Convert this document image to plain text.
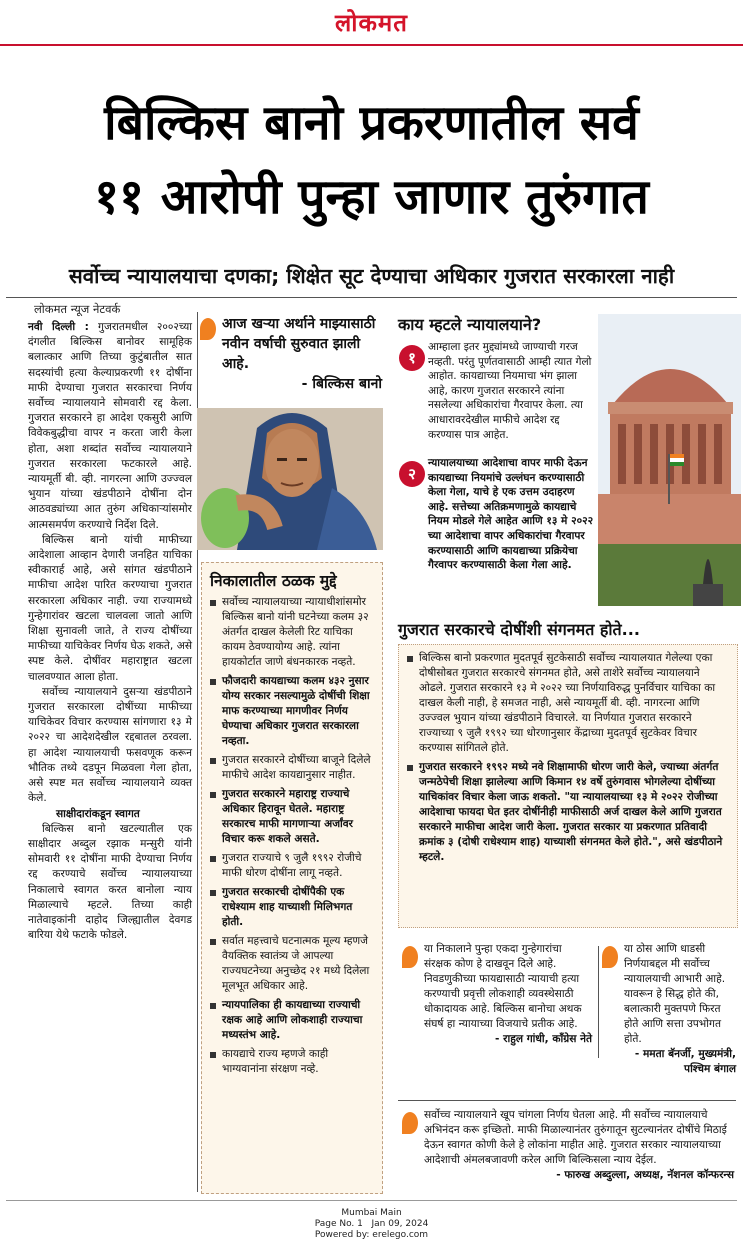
लोकमत
बिल्किस बानो प्रकरणातील सर्व
११ आरोपी पुन्हा जाणार तुरुंगात
सर्वोच्च न्यायालयाचा दणका; शिक्षेत सूट देण्याचा अधिकार गुजरात सरकारला नाही
लोकमत न्यूज नेटवर्क

नवी दिल्ली : गुजरातमधील २००२च्या दंगलीत बिल्किस बानोवर सामूहिक बलात्कार आणि तिच्या कुटुंबातील सात सदस्यांची हत्या केल्याप्रकरणी ११ दोषींना माफी देण्याचा गुजरात सरकारचा निर्णय सर्वोच्च न्यायालयाने सोमवारी रद्द केला. गुजरात सरकारने हा आदेश एकसुरी आणि विवेकबुद्धीचा वापर न करता जारी केला होता, अशा शब्दांत सर्वोच्च न्यायालयाने गुजरात सरकारला फटकारले आहे. न्यायमूर्ती बी. व्ही. नागरत्ना आणि उज्ज्वल भुयान यांच्या खंडपीठाने दोषींना दोन आठवड्यांच्या आत तुरुंग अधिकाऱ्यांसमोर आत्मसमर्पण करण्याचे निर्देश दिले.

बिल्किस बानो यांची माफीच्या आदेशाला आव्हान देणारी जनहित याचिका स्वीकारार्ह आहे, असे सांगत खंडपीठाने माफीचा आदेश पारित करण्याचा गुजरात सरकारला अधिकार नाही. ज्या राज्यामध्ये गुन्हेगारांवर खटला चालवला जातो आणि शिक्षा सुनावली जाते, ते राज्य दोषींच्या माफीच्या याचिकेवर निर्णय घेऊ शकते, असे स्पष्ट केले. दोषींवर महाराष्ट्रात खटला चालवण्यात आला होता.

सर्वोच्च न्यायालयाने दुसऱ्या खंडपीठाने गुजरात सरकारला दोषींच्या माफीच्या याचिकेवर विचार करण्यास सांगणारा १३ मे २०२२ चा आदेशदेखील रद्दबातल ठरवला. हा आदेश न्यायालयाची फसवणूक करून भौतिक तथ्ये दडपून मिळवला गेला होता, असे स्पष्ट मत सर्वोच्च न्यायालयाने व्यक्त केले.

साक्षीदारांकडून स्वागत

बिल्किस बानो खटल्यातील एक साक्षीदार अब्दुल रझाक मन्सुरी यांनी सोमवारी ११ दोषींना माफी देण्याचा निर्णय रद्द करण्याचे सर्वोच्च न्यायालयाच्या निकालाचे स्वागत करत बानोला न्याय मिळाल्याचे म्हटले. तिच्या काही नातेवाइकांनी दाहोद जिल्ह्यातील देवगड बारिया येथे फटाके फोडले.

आज खऱ्या अर्थाने माझ्यासाठी नवीन वर्षाची सुरुवात झाली आहे.
- बिल्किस बानो
निकालातील ठळक मुद्दे
सर्वोच्च न्यायालयाच्या न्यायाधीशांसमोर बिल्किस बानो यांनी घटनेच्या कलम ३२ अंतर्गत दाखल केलेली रिट याचिका कायम ठेवण्यायोग्य आहे. त्यांना हायकोर्टात जाणे बंधनकारक नव्हते.
फौजदारी कायद्याच्या कलम ४३२ नुसार योग्य सरकार नसल्यामुळे दोषींची शिक्षा माफ करण्याच्या मागणीवर निर्णय घेण्याचा अधिकार गुजरात सरकारला नव्हता.
गुजरात सरकारने दोषींच्या बाजूने दिलेले माफीचे आदेश कायद्यानुसार नाहीत.
गुजरात सरकारने महाराष्ट्र राज्याचे अधिकार हिरावून घेतले. महाराष्ट्र सरकारच माफी मागणाऱ्या अर्जांवर विचार करू शकले असते.
गुजरात राज्याचे ९ जुलै १९९२ रोजीचे माफी धोरण दोषींना लागू नव्हते.
गुजरात सरकारची दोषींपैकी एक राधेश्याम शाह याच्याशी मिलिभगत होती.
सर्वात महत्त्वाचे घटनात्मक मूल्य म्हणजे वैयक्तिक स्वातंत्र्य जे आपल्या राज्यघटनेच्या अनुच्छेद २१ मध्ये दिलेला मूलभूत अधिकार आहे.
न्यायपालिका ही कायद्याच्या राज्याची रक्षक आहे आणि लोकशाही राज्याचा मध्यस्तंभ आहे.
कायद्याचे राज्य म्हणजे काही भाग्यवानांना संरक्षण नव्हे.
काय म्हटले न्यायालयाने?
१
आम्हाला इतर मुद्द्यांमध्ये जाण्याची गरज नव्हती. परंतु पूर्णतवासाठी आम्ही त्यात गेलो आहोत. कायद्याच्या नियमाचा भंग झाला आहे, कारण गुजरात सरकारने त्यांना नसलेल्या अधिकारांचा गैरवापर केला. त्या आधारावरदेखील माफीचे आदेश रद्द करण्यास पात्र आहेत.
२
न्यायालयाच्या आदेशाचा वापर माफी देऊन कायद्याच्या नियमांचे उल्लंघन करण्यासाठी केला गेला, याचे हे एक उत्तम उदाहरण आहे. सत्तेच्या अतिक्रमणामुळे कायद्याचे नियम मोडले गेले आहेत आणि १३ मे २०२२ च्या आदेशाचा वापर अधिकारांचा गैरवापर करण्यासाठी आणि कायद्याच्या प्रक्रियेचा गैरवापर करण्यासाठी केला गेला आहे.
गुजरात सरकारचे दोषींशी संगनमत होते...
बिल्किस बानो प्रकरणात मुदतपूर्व सुटकेसाठी सर्वोच्च न्यायालयात गेलेल्या एका दोषीसोबत गुजरात सरकारचे संगनमत होते, असे ताशेरे सर्वोच्च न्यायालयाने ओढले. गुजरात सरकारने १३ मे २०२२ च्या निर्णयाविरुद्ध पुनर्विचार याचिका का दाखल केली नाही, हे समजत नाही, असे न्यायमूर्ती बी. व्ही. नागरत्ना आणि उज्ज्वल भुयान यांच्या खंडपीठाने विचारले. या निर्णयात गुजरात सरकारने राज्याच्या ९ जुलै १९९२ च्या धोरणानुसार केंद्राच्या मुदतपूर्व सुटकेवर विचार करण्यास सांगितले होते.
गुजरात सरकारने १९९२ मध्ये नवे शिक्षामाफी धोरण जारी केले, ज्याच्या अंतर्गत जन्मठेपेची शिक्षा झालेल्या आणि किमान १४ वर्षे तुरुंगवास भोगलेल्या दोषींच्या याचिकांवर विचार केला जाऊ शकतो. "या न्यायालयाच्या १३ मे २०२२ रोजीच्या आदेशाचा फायदा घेत इतर दोषींनीही माफीसाठी अर्ज दाखल केले आणि गुजरात सरकारने माफीचा आदेश जारी केला. गुजरात सरकार या प्रकरणात प्रतिवादी क्रमांक ३ (दोषी राधेश्याम शाह) याच्याशी संगनमत केले होते.", असे खंडपीठाने म्हटले.
या निकालाने पुन्हा एकदा गुन्हेगारांचा संरक्षक कोण हे दाखवून दिले आहे. निवडणुकीच्या फायद्यासाठी न्यायाची हत्या करण्याची प्रवृत्ती लोकशाही व्यवस्थेसाठी धोकादायक आहे. बिल्किस बानोचा अथक संघर्ष हा न्यायाच्या विजयाचे प्रतीक आहे.
- राहुल गांधी, काँग्रेस नेते
या ठोस आणि धाडसी निर्णयाबद्दल मी सर्वोच्च न्यायालयाची आभारी आहे. यावरून हे सिद्ध होते की, बलात्कारी मुक्तपणे फिरत होते आणि सत्ता उपभोगत होते.
- ममता बॅनर्जी, मुख्यमंत्री,
पश्चिम बंगाल
सर्वोच्च न्यायालयाने खूप चांगला निर्णय घेतला आहे. मी सर्वोच्च न्यायालयाचे अभिनंदन करू इच्छितो. माफी मिळाल्यानंतर तुरुंगातून सुटल्यानंतर दोषींचे मिठाई देऊन स्वागत कोणी केले हे लोकांना माहीत आहे. गुजरात सरकार न्यायालयाच्या आदेशाची अंमलबजावणी करेल आणि बिल्किसला न्याय देईल.
- फारुख अब्दुल्ला, अध्यक्ष, नॅशनल कॉन्फरन्स
Mumbai Main
Page No. 1 Jan 09, 2024
Powered by: erelego.com
